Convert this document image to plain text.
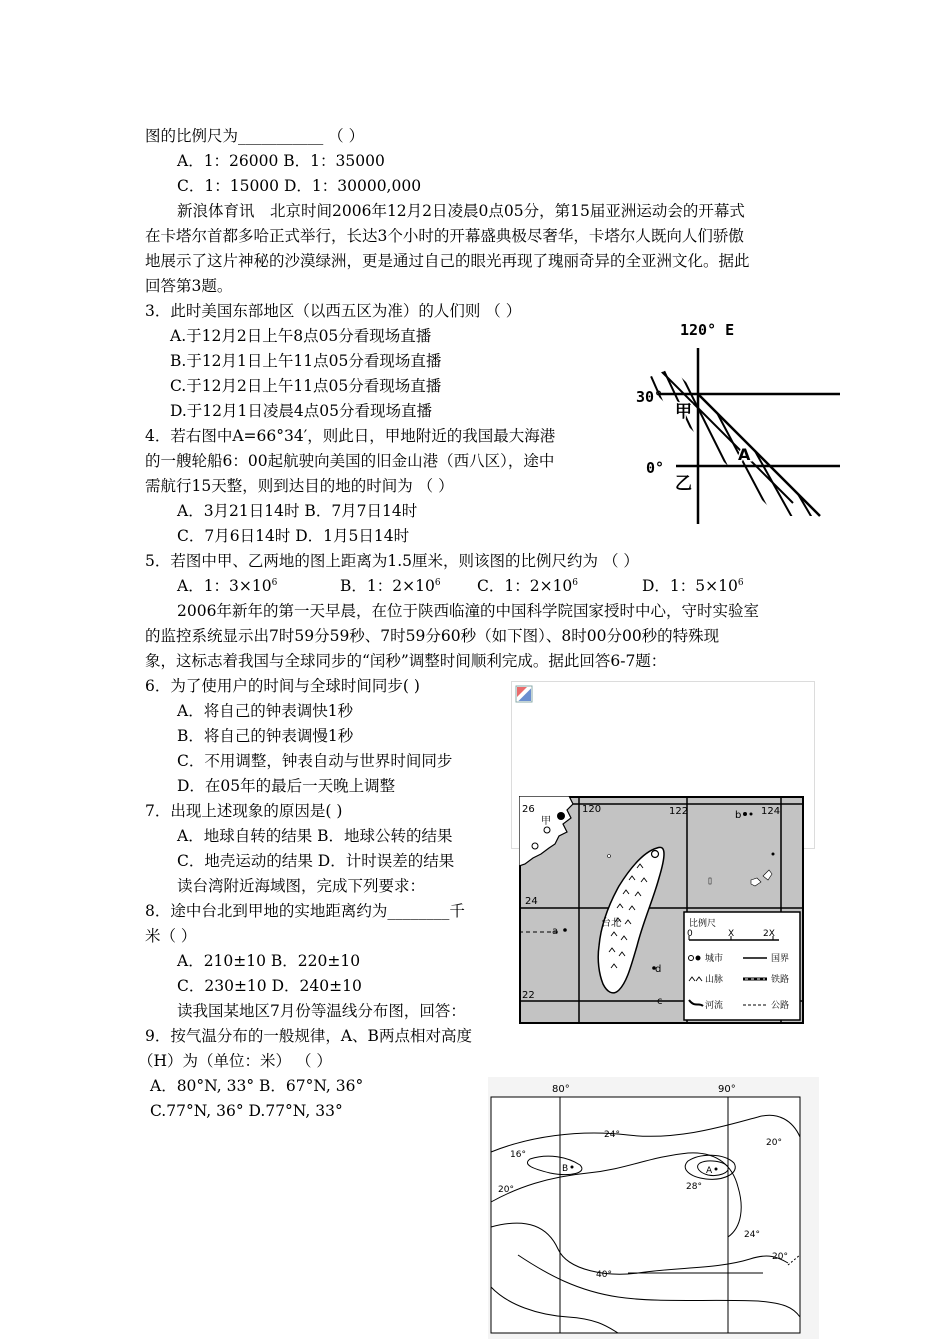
图的比例尺为___________ （ ）
A．1：26000 B．1：35000
C．1：15000 D．1：30000,000
新浪体育讯　北京时间2006年12月2日凌晨0点05分，第15届亚洲运动会的开幕式
在卡塔尔首都多哈正式举行，长达3个小时的开幕盛典极尽奢华，卡塔尔人既向人们骄傲
地展示了这片神秘的沙漠绿洲，更是通过自己的眼光再现了瑰丽奇异的全亚洲文化。据此
回答第3题。
3．此时美国东部地区（以西五区为准）的人们则 （ ）
A.于12月2日上午8点05分看现场直播
B.于12月1日上午11点05分看现场直播
C.于12月2日上午11点05分看现场直播
D.于12月1日凌晨4点05分看现场直播
4．若右图中A=66°34′，则此日，甲地附近的我国最大海港
的一艘轮船6：00起航驶向美国的旧金山港（西八区），途中
需航行15天整，则到达目的地的时间为 （ ）
A．3月21日14时 B．7月7日14时
C．7月6日14时 D．1月5日14时
5．若图中甲、乙两地的图上距离为1.5厘米，则该图的比例尺约为 （ ）
A．1：$3\times 10^6$	B．1：$2\times 10^6$ C．1：$2\times 10^6$	D．1：$5\times 10^6$
2006年新年的第一天早晨，在位于陕西临潼的中国科学院国家授时中心，守时实验室
的监控系统显示出7时59分59秒、7时59分60秒（如下图）、8时00分00秒的特殊现
象，这标志着我国与全球同步的“闰秒”调整时间顺利完成。据此回答6-7题：
6．为了使用户的时间与全球时间同步( )
A．将自己的钟表调快1秒
B．将自己的钟表调慢1秒
C．不用调整，钟表自动与世界时间同步
D．在05年的最后一天晚上调整
7．出现上述现象的原因是( )
A．地球自转的结果 B．地球公转的结果
C．地壳运动的结果 D．计时误差的结果
读台湾附近海域图，完成下列要求：
8．途中台北到甲地的实地距离约为________千
米（ ）
A．210±10 B．220±10
C．230±10 D．240±10
读我国某地区7月份等温线分布图，回答：
9．按气温分布的一般规律，A、B两点相对高度
（H）为（单位：米） （ ）
A．80°N, 33° B．67°N, 36°
C.77°N, 36° D.77°N, 33°
120° E
30°
0°
甲
乙
A
26	120	122	124
24
22
甲
a
b
c
d
台北	比例尺
0	X	2X
城市	国界
山脉	铁路
河流	公路
80°	90°
24°
20°
16°
28°
20°
24°
20°
40°
A
B
